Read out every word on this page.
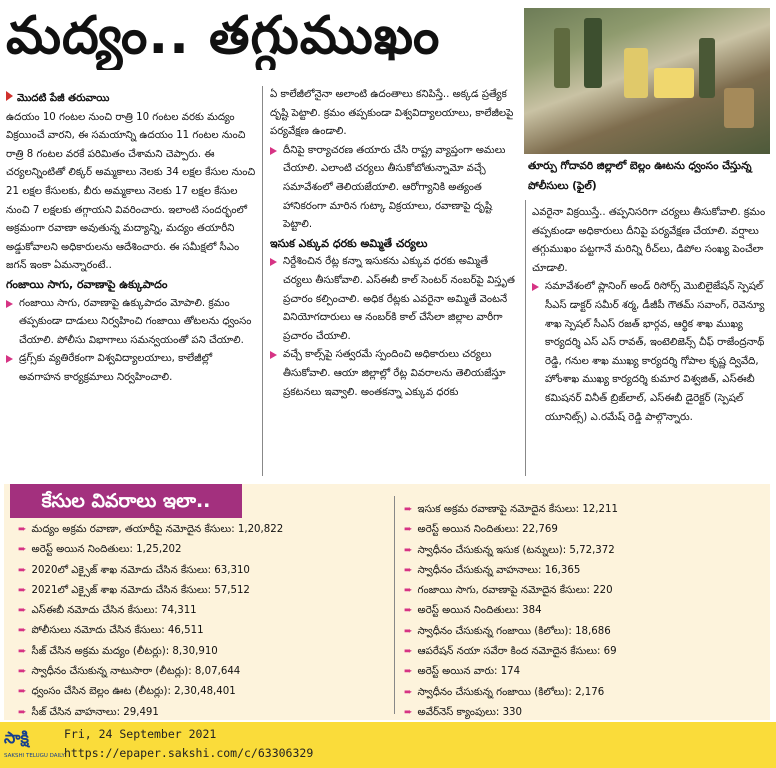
మద్యం.. తగ్గుముఖం
తూర్పు గోదావరి జిల్లాలో బెల్లం ఊటను ధ్వంసం చేస్తున్న పోలీసులు (ఫైల్)

మొదటి పేజీ తరువాయి

ఉదయం 10 గంటల నుంచి రాత్రి 10 గంటల వరకు మద్యం విక్రయించే వారని, ఈ సమయాన్ని ఉదయం 11 గంటల నుంచి రాత్రి 8 గంటల వరకే పరిమితం చేశామని చెప్పారు. ఈ చర్యలన్నింటితో లిక్కర్ అమ్మకాలు నెలకు 34 లక్షల కేసుల నుంచి 21 లక్షల కేసులకు, బీరు అమ్మకాలు నెలకు 17 లక్షల కేసుల నుంచి 7 లక్షలకు తగ్గాయని వివరించారు. ఇలాంటి సందర్భంలో అక్రమంగా రవాణా అవుతున్న మద్యాన్ని, మద్యం తయారీని అడ్డుకోవాలని అధికారులను ఆదేశించారు. ఈ సమీక్షలో సీఎం జగన్ ఇంకా ఏమన్నారంటే..

గంజాయి సాగు, రవాణాపై ఉక్కుపాదం

గంజాయి సాగు, రవాణాపై ఉక్కుపాదం మోపాలి. క్రమం తప్పకుండా దాడులు నిర్వహించి గంజాయి తోటలను ధ్వంసం చేయాలి. పోలీసు విభాగాలు సమన్వయంతో పని చేయాలి.

డ్రగ్స్‌కు వ్యతిరేకంగా విశ్వవిద్యాలయాలు, కాలేజీల్లో అవగాహన కార్యక్రమాలు నిర్వహించాలి.

ఏ కాలేజీలోనైనా అలాంటి ఉదంతాలు కనిపిస్తే.. అక్కడ ప్రత్యేక దృష్టి పెట్టాలి. క్రమం తప్పకుండా విశ్వవిద్యాలయాలు, కాలేజీలపై పర్యవేక్షణ ఉండాలి.

దీనిపై కార్యాచరణ తయారు చేసి రాష్ట్ర వ్యాప్తంగా అమలు చేయాలి. ఎలాంటి చర్యలు తీసుకోబోతున్నామో వచ్చే సమావేశంలో తెలియజేయాలి. ఆరోగ్యానికి అత్యంత హానికరంగా మారిన గుట్కా విక్రయాలు, రవాణాపై దృష్టి పెట్టాలి.

ఇసుక ఎక్కువ ధరకు అమ్మితే చర్యలు

నిర్దేశించిన రేట్ల కన్నా ఇసుకను ఎక్కువ ధరకు అమ్మితే చర్యలు తీసుకోవాలి. ఎస్‌ఈబీ కాల్ సెంటర్ నంబర్‌పై విస్తృత ప్రచారం కల్పించాలి. అధిక రేట్లకు ఎవరైనా అమ్మితే వెంటనే వినియోగదారులు ఆ నంబర్‌కి కాల్ చేసేలా జిల్లాల వారీగా ప్రచారం చేయాలి.

వచ్చే కాల్స్‌పై సత్వరమే స్పందించి అధికారులు చర్యలు తీసుకోవాలి. ఆయా జిల్లాల్లో రేట్ల వివరాలను తెలియజేస్తూ ప్రకటనలు ఇవ్వాలి. అంతకన్నా ఎక్కువ ధరకు

ఎవరైనా విక్రయిస్తే.. తప్పనిసరిగా చర్యలు తీసుకోవాలి. క్రమం తప్పకుండా అధికారులు దీనిపై పర్యవేక్షణ చేయాలి. వర్షాలు తగ్గుముఖం పట్టగానే మరిన్ని రీచ్‌లు, డిపోల సంఖ్య పెంచేలా చూడాలి.

సమావేశంలో ప్లానింగ్ అండ్ రిసోర్స్ మొబిలైజేషన్ స్పెషల్ సీఎస్ డాక్టర్ సమీర్ శర్మ, డీజీపీ గౌతమ్ సవాంగ్, రెవెన్యూ శాఖ స్పెషల్ సీఎస్ రజత్ భార్గవ, ఆర్థిక శాఖ ముఖ్య కార్యదర్శి ఎస్ ఎస్ రావత్, ఇంటెలిజెన్స్ చీఫ్ రాజేంద్రనాథ్ రెడ్డి, గనుల శాఖ ముఖ్య కార్యదర్శి గోపాల కృష్ణ ద్వివేది, హోంశాఖ ముఖ్య కార్యదర్శి కుమార విశ్వజిత్, ఎస్‌ఈబీ కమిషనర్ వినీత్ బ్రిజ్‌లాల్, ఎస్‌ఈబీ డైరెక్టర్ (స్పెషల్ యూనిట్స్) ఎ.రమేష్ రెడ్డి పాల్గొన్నారు.

కేసుల వివరాలు ఇలా..
➨ మద్యం అక్రమ రవాణా, తయారీపై నమోదైన కేసులు: 1,20,822
➨ అరెస్ట్ అయిన నిందితులు: 1,25,202
➨ 2020లో ఎక్సైజ్ శాఖ నమోదు చేసిన కేసులు: 63,310
➨ 2021లో ఎక్సైజ్ శాఖ నమోదు చేసిన కేసులు: 57,512
➨ ఎస్‌ఈబీ నమోదు చేసిన కేసులు: 74,311
➨ పోలీసులు నమోదు చేసిన కేసులు: 46,511
➨ సీజ్ చేసిన అక్రమ మద్యం (లీటర్లు): 8,30,910
➨ స్వాధీనం చేసుకున్న నాటుసారా (లీటర్లు): 8,07,644
➨ ధ్వంసం చేసిన బెల్లం ఊట (లీటర్లు): 2,30,48,401
➨ సీజ్ చేసిన వాహనాలు: 29,491
➨ ఇసుక అక్రమ రవాణాపై నమోదైన కేసులు: 12,211
➨ అరెస్ట్ అయిన నిందితులు: 22,769
➨ స్వాధీనం చేసుకున్న ఇసుక (టన్నులు): 5,72,372
➨ స్వాధీనం చేసుకున్న వాహనాలు: 16,365
➨ గంజాయి సాగు, రవాణాపై నమోదైన కేసులు: 220
➨ అరెస్ట్ అయిన నిందితులు: 384
➨ స్వాధీనం చేసుకున్న గంజాయి (కిలోలు): 18,686
➨ ఆపరేషన్ నయా సవేరా కింద నమోదైన కేసులు: 69
➨ అరెస్ట్ అయిన వారు: 174
➨ స్వాధీనం చేసుకున్న గంజాయి (కిలోలు): 2,176
➨ అవేర్‌నెస్ క్యాంపులు: 330
సాక్షి
SAKSHI TELUGU DAILY
Fri, 24 September 2021
https://epaper.sakshi.com/c/63306329
